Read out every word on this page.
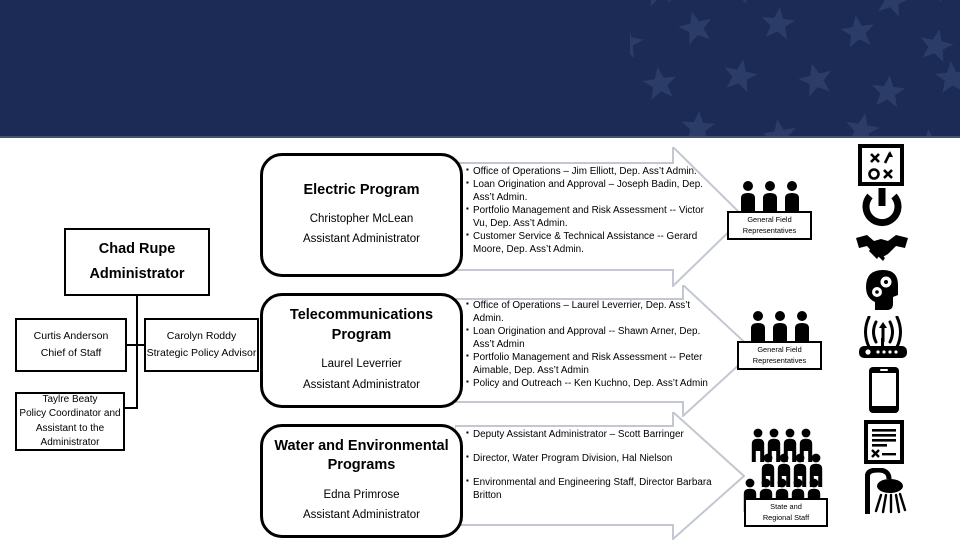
Chad Rupe
Administrator
Curtis Anderson
Chief of Staff
Carolyn Roddy
Strategic Policy Advisor
Taylre Beaty
Policy Coordinator and
Assistant to the
Administrator
Electric Program
Christopher McLean
Assistant Administrator
Telecommunications
Program
Laurel Leverrier
Assistant Administrator
Water and Environmental
Programs
Edna Primrose
Assistant Administrator
▪ Office of Operations – Jim Elliott, Dep. Ass’t Admin.
▪ Loan Origination and Approval – Joseph Badin, Dep. Ass’t Admin.
▪ Portfolio Management and Risk Assessment -- Victor Vu, Dep. Ass’t Admin.
▪ Customer Service & Technical Assistance -- Gerard Moore, Dep. Ass’t Admin.
▪ Office of Operations – Laurel Leverrier, Dep. Ass’t Admin.
▪ Loan Origination and Approval -- Shawn Arner, Dep. Ass’t Admin
▪ Portfolio Management and Risk Assessment -- Peter Aimable, Dep. Ass’t Admin
▪ Policy and Outreach -- Ken Kuchno, Dep. Ass’t Admin
▪ Deputy Assistant Administrator – Scott Barringer
▪ Director, Water Program Division, Hal Nielson
▪ Environmental and Engineering Staff, Director Barbara Britton
General Field
Representatives
General Field
Representatives
State and
Regional Staff
